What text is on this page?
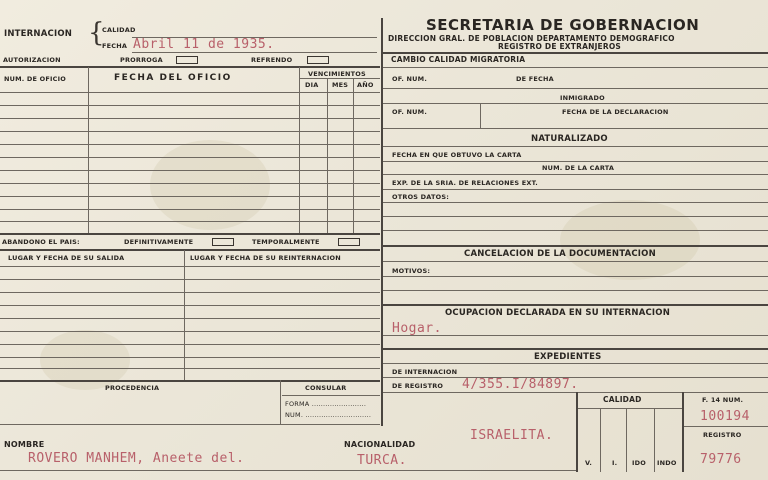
INTERNACION {
CALIDAD
FECHA Abril 11 de 1935.
AUTORIZACION	PRORROGA	REFRENDO
NUM. DE OFICIO	FECHA DEL OFICIO	VENCIMIENTOS
DIA MES AÑO
ABANDONO EL PAIS:	DEFINITIVAMENTE	TEMPORALMENTE
LUGAR Y FECHA DE SU SALIDA	LUGAR Y FECHA DE SU REINTERNACION
PROCEDENCIA	CONSULAR
FORMA ........................
NUM. .............................
SECRETARIA DE GOBERNACION
DIRECCION GRAL. DE POBLACION DEPARTAMENTO DEMOGRAFICO
REGISTRO DE EXTRANJEROS
CAMBIO CALIDAD MIGRATORIA
OF. NUM.	DE FECHA
INMIGRADO
OF. NUM.	FECHA DE LA DECLARACION
NATURALIZADO
FECHA EN QUE OBTUVO LA CARTA
NUM. DE LA CARTA
EXP. DE LA SRIA. DE RELACIONES EXT.
OTROS DATOS:
CANCELACION DE LA DOCUMENTACION
MOTIVOS:
OCUPACION DECLARADA EN SU INTERNACION
Hogar.
EXPEDIENTES
DE INTERNACION
DE REGISTRO 4/355.I/84897.
CALIDAD
V.	I. IDO INDO
F. 14 NUM.
100194
REGISTRO
79776
NOMBRE
ROVERO MANHEM, Aneete del.
NACIONALIDAD
TURCA.
ISRAELITA.
